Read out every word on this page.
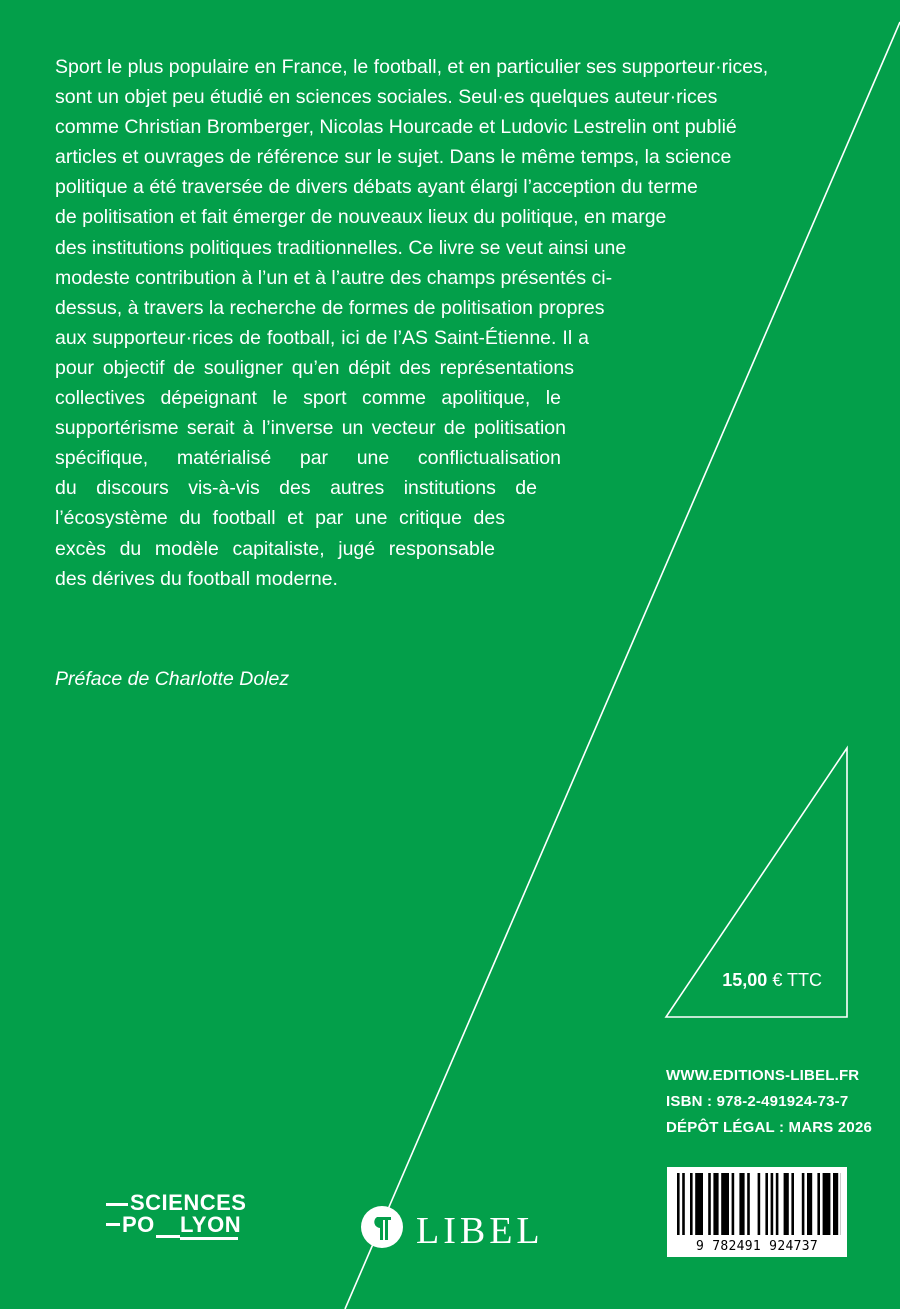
Sport le plus populaire en France, le football, et en particulier ses supporteur·rices,
sont un objet peu étudié en sciences sociales. Seul·es quelques auteur·rices
comme Christian Bromberger, Nicolas Hourcade et Ludovic Lestrelin ont publié
articles et ouvrages de référence sur le sujet. Dans le même temps, la science
politique a été traversée de divers débats ayant élargi l’acception du terme
de politisation et fait émerger de nouveaux lieux du politique, en marge
des institutions politiques traditionnelles. Ce livre se veut ainsi une
modeste contribution à l’un et à l’autre des champs présentés ci-
dessus, à travers la recherche de formes de politisation propres
aux supporteur·rices de football, ici de l’AS Saint-Étienne. Il a
pour objectif de souligner qu’en dépit des représentations
collectives dépeignant le sport comme apolitique, le
supportérisme serait à l’inverse un vecteur de politisation
spécifique, matérialisé par une conflictualisation
du discours vis-à-vis des autres institutions de
l’écosystème du football et par une critique des
excès du modèle capitaliste, jugé responsable
des dérives du football moderne.

Préface de Charlotte Dolez

15,00 € TTC
WWW.EDITIONS-LIBEL.FR
ISBN : 978-2-491924-73-7
DÉPÔT LÉGAL : MARS 2026
9 782491 924737
SCIENCES
PO LYON	LIBEL
